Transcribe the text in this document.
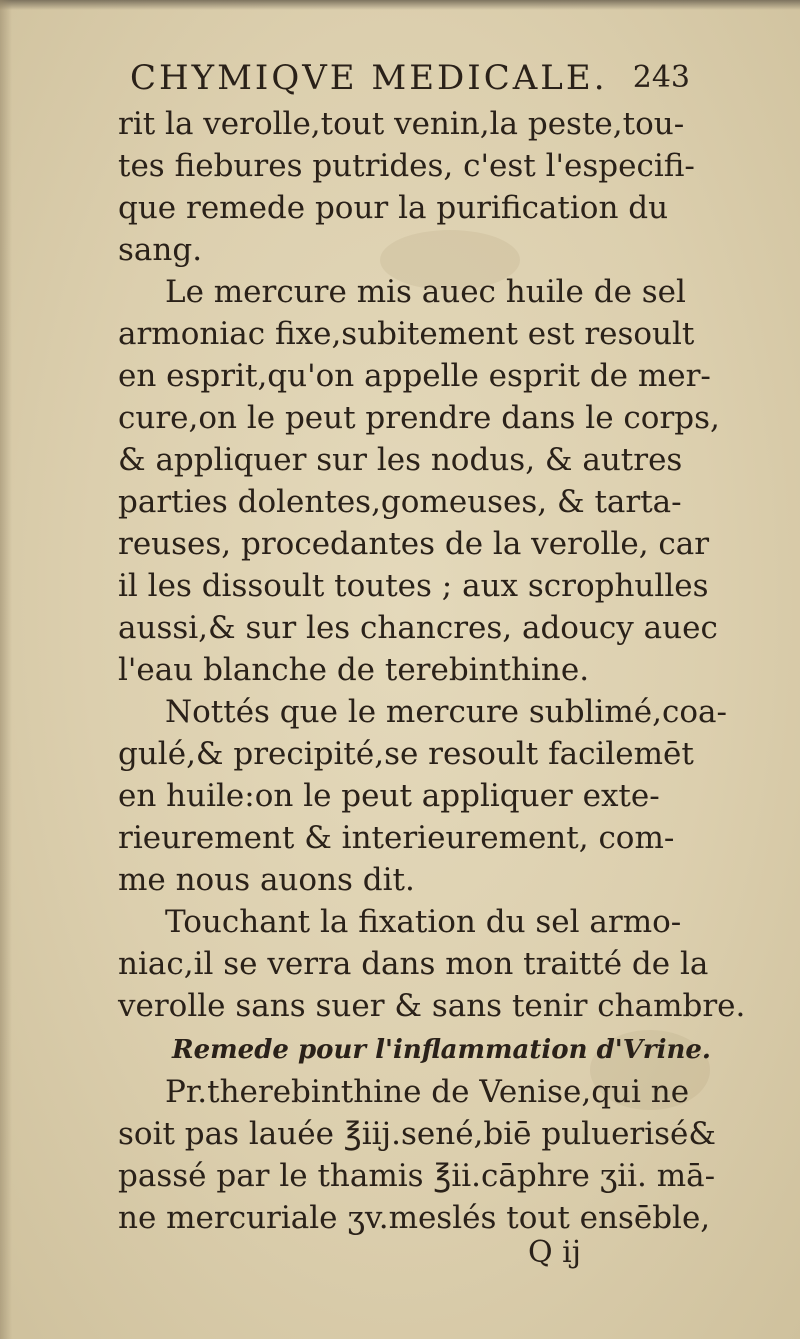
CHYMIQVE MEDICALE. 243
rit la verolle,tout venin,la peste,tou-
tes fiebures putrides, c'est l'especifi-
que remede pour la purification du
sang.
Le mercure mis auec huile de sel
armoniac fixe,subitement est resoult
en esprit,qu'on appelle esprit de mer-
cure,on le peut prendre dans le corps,
& appliquer sur les nodus, & autres
parties dolentes,gomeuses, & tarta-
reuses, procedantes de la verolle, car
il les dissoult toutes ; aux scrophulles
aussi,& sur les chancres, adoucy auec
l'eau blanche de terebinthine.
Nottés que le mercure sublimé,coa-
gulé,& precipité,se resoult facilemēt
en huile:on le peut appliquer exte-
rieurement & interieurement, com-
me nous auons dit.
Touchant la fixation du sel armo-
niac,il se verra dans mon traitté de la
verolle sans suer & sans tenir chambre.
Remede pour l'inflammation d'Vrine.
Pr.therebinthine de Venise,qui ne
soit pas lauée ℥iij.sené,biē puluerisé&
passé par le thamis ℥ii.cāphre ʒii. mā-
ne mercuriale ʒv.meslés tout ensēble,
Q ij
